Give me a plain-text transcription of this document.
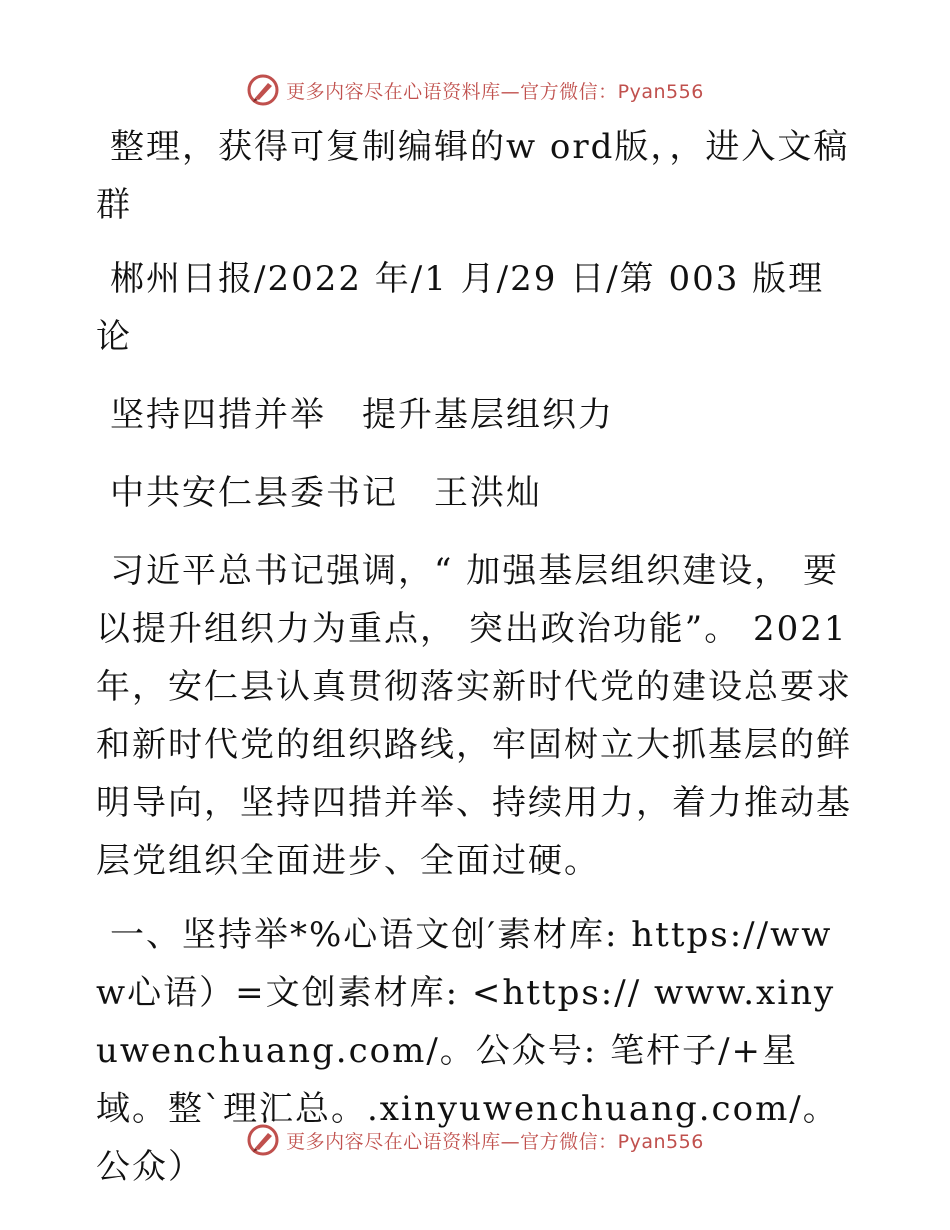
更多内容尽在心语资料库—官方微信：Pyan556

整理，获得可复制编辑的w ord版，，进入文稿群

郴州日报/2022 年/1 月/29 日/第 003 版理论

坚持四措并举　提升基层组织力

中共安仁县委书记　王洪灿

习近平总书记强调，“ 加强基层组织建设， 要以提升组织力为重点， 突出政治功能”。 2021 年，安仁县认真贯彻落实新时代党的建设总要求和新时代党的组织路线，牢固树立大抓基层的鲜明导向，坚持四措并举、持续用力，着力推动基层党组织全面进步、全面过硬。

一、坚持举*%心语文创′素材库: https://www心语）=文创素材库: <https:// www.xinyuwenchuang.com/。公众号: 笔杆子/+星域。整`理汇总。.xinyuwenchuang.com/。公众）

更多内容尽在心语资料库—官方微信：Pyan556
